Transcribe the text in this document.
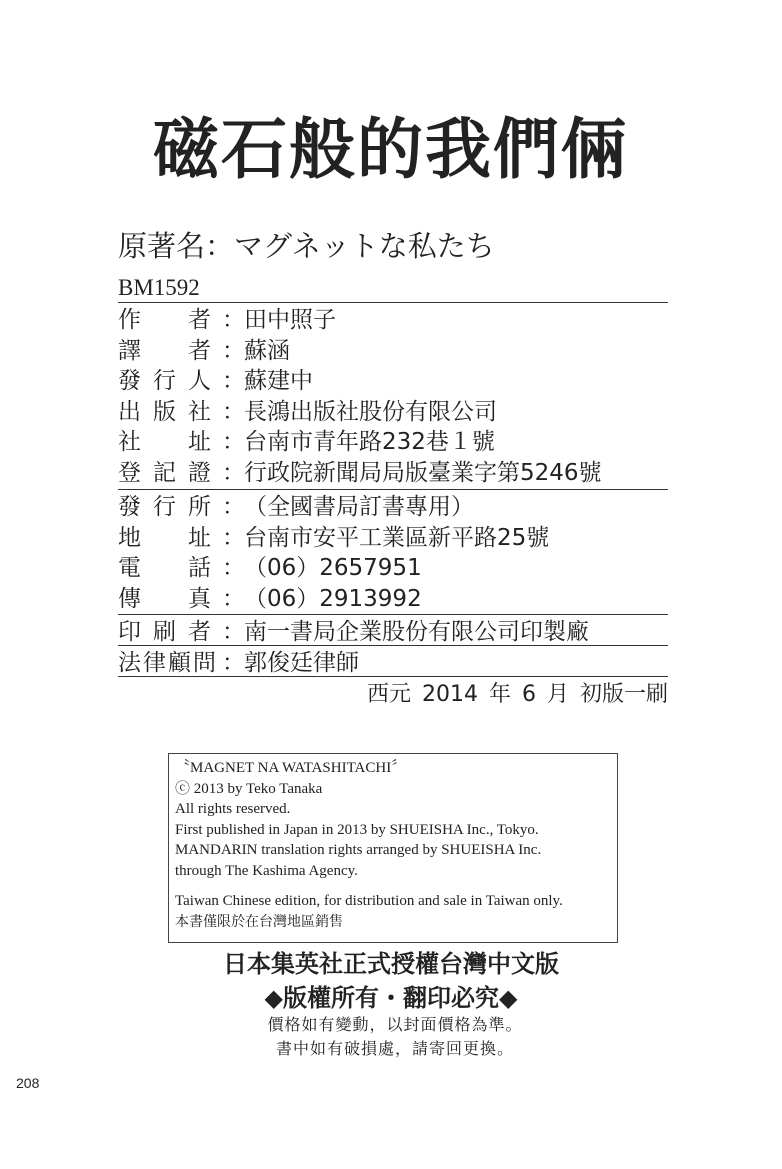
磁石般的我們倆
原著名：マグネットな私たち
BM1592
作 者 ： 田中照子
譯 者 ： 蘇涵
發 行 人 ： 蘇建中
出 版 社 ： 長鴻出版社股份有限公司
社 址 ： 台南市青年路232巷１號
登 記 證 ： 行政院新聞局局版臺業字第5246號
發 行 所 ： （全國書局訂書專用）
地 址 ： 台南市安平工業區新平路25號
電 話 ： （06）2657951
傳 真 ： （06）2913992
印 刷 者 ： 南一書局企業股份有限公司印製廠
法 律 顧 問 ： 郭俊廷律師
西元 2014 年 6 月 初版一刷
〝MAGNET NA WATASHITACHI〞
ⓒ 2013 by Teko Tanaka
All rights reserved.
First published in Japan in 2013 by SHUEISHA Inc., Tokyo.
MANDARIN translation rights arranged by SHUEISHA Inc.
through The Kashima Agency.
Taiwan Chinese edition, for distribution and sale in Taiwan only.
本書僅限於在台灣地區銷售
日本集英社正式授權台灣中文版
◆版權所有・翻印必究◆
價格如有變動，以封面價格為準。
書中如有破損處，請寄回更換。
208
